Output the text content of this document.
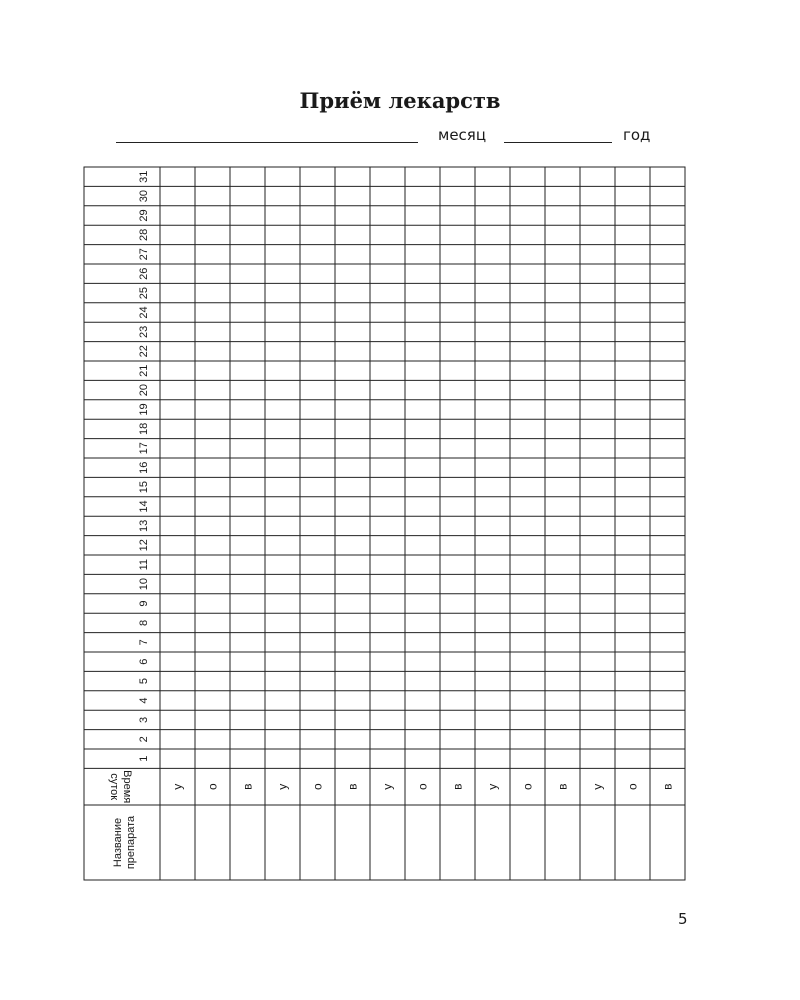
Приём лекарств
месяц	год
1
2
3
4
5
6
7
8
9
10
11
12
13
14
15
16
17
18
19
20
21
22
23
24
25
26
27
28
29
30
31
у о в у о в у о в у о в у о в
Время
суток
Название препарата
5
